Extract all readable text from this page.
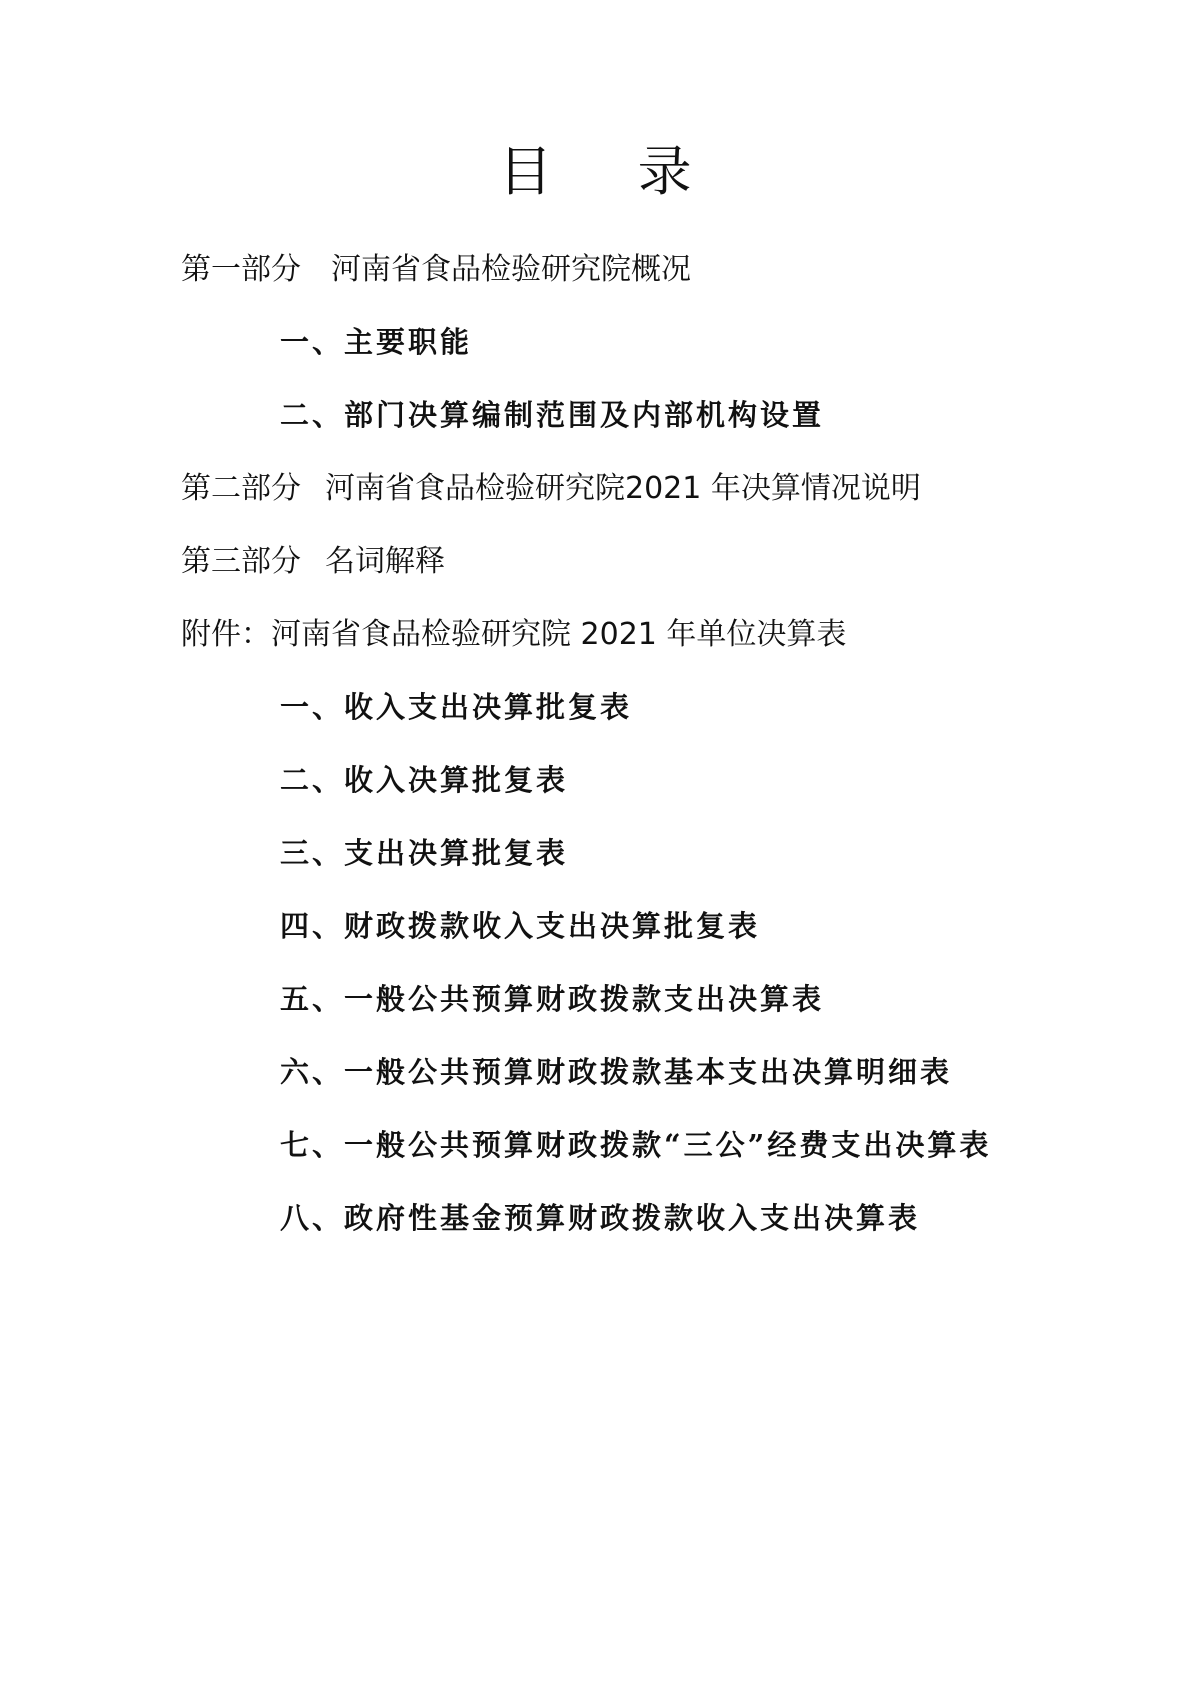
目 录
第一部分 河南省食品检验研究院概况
一、主要职能
二、部门决算编制范围及内部机构设置
第二部分 河南省食品检验研究院2021 年决算情况说明
第三部分 名词解释
附件：河南省食品检验研究院 2021 年单位决算表
一、收入支出决算批复表
二、收入决算批复表
三、支出决算批复表
四、财政拨款收入支出决算批复表
五、一般公共预算财政拨款支出决算表
六、一般公共预算财政拨款基本支出决算明细表
七、一般公共预算财政拨款“三公”经费支出决算表
八、政府性基金预算财政拨款收入支出决算表
